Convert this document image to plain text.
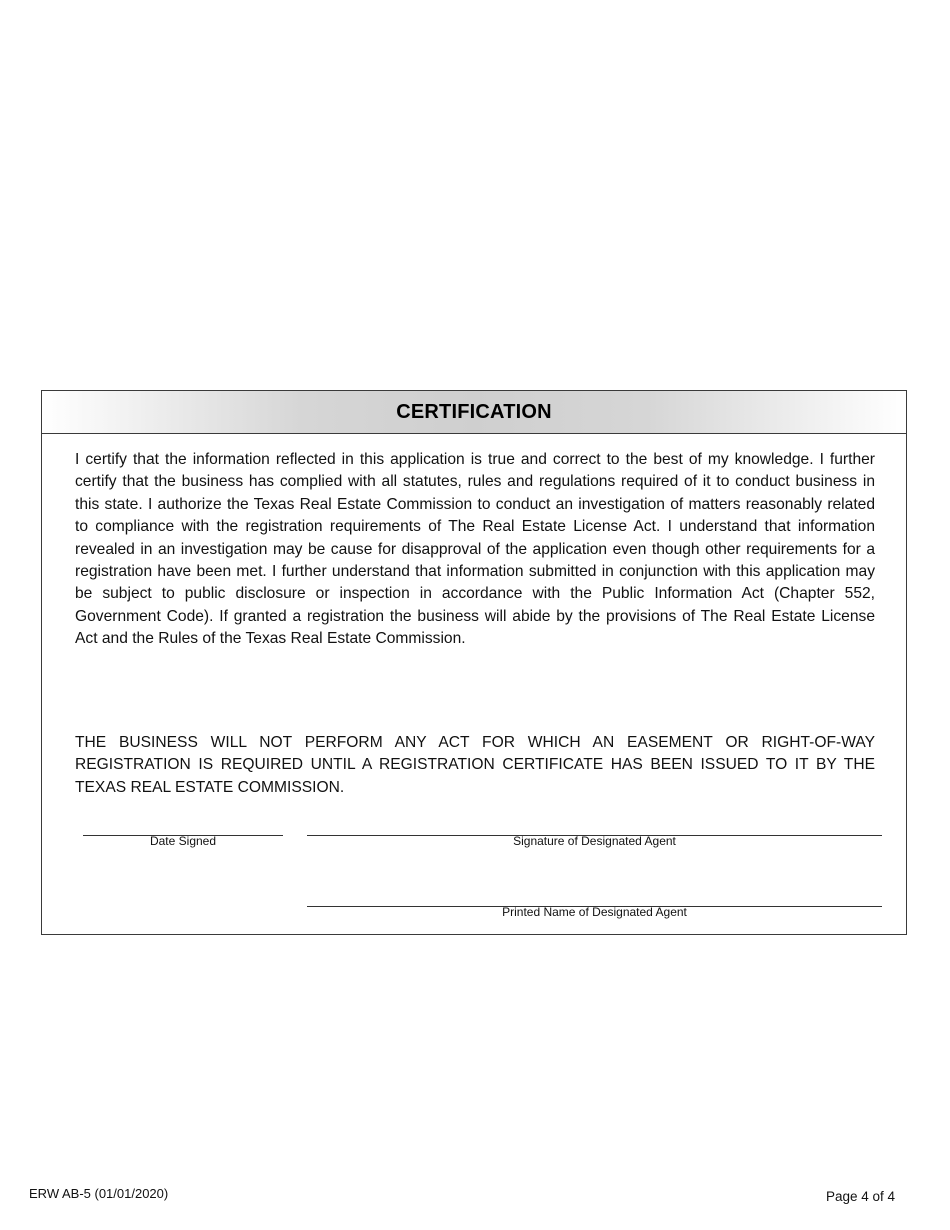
CERTIFICATION
I certify that the information reflected in this application is true and correct to the best of my knowledge. I further certify that the business has complied with all statutes, rules and regulations required of it to conduct business in this state. I authorize the Texas Real Estate Commission to conduct an investigation of matters reasonably related to compliance with the registration requirements of The Real Estate License Act. I understand that information revealed in an investigation may be cause for disapproval of the application even though other requirements for a registration have been met. I further understand that information submitted in conjunction with this application may be subject to public disclosure or inspection in accordance with the Public Information Act (Chapter 552, Government Code). If granted a registration the business will abide by the provisions of The Real Estate License Act and the Rules of the Texas Real Estate Commission.
THE BUSINESS WILL NOT PERFORM ANY ACT FOR WHICH AN EASEMENT OR RIGHT-OF-WAY REGISTRATION IS REQUIRED UNTIL A REGISTRATION CERTIFICATE HAS BEEN ISSUED TO IT BY THE TEXAS REAL ESTATE COMMISSION.
Date Signed	Signature of Designated Agent
Printed Name of Designated Agent
ERW AB-5 (01/01/2020)	Page 4 of 4
